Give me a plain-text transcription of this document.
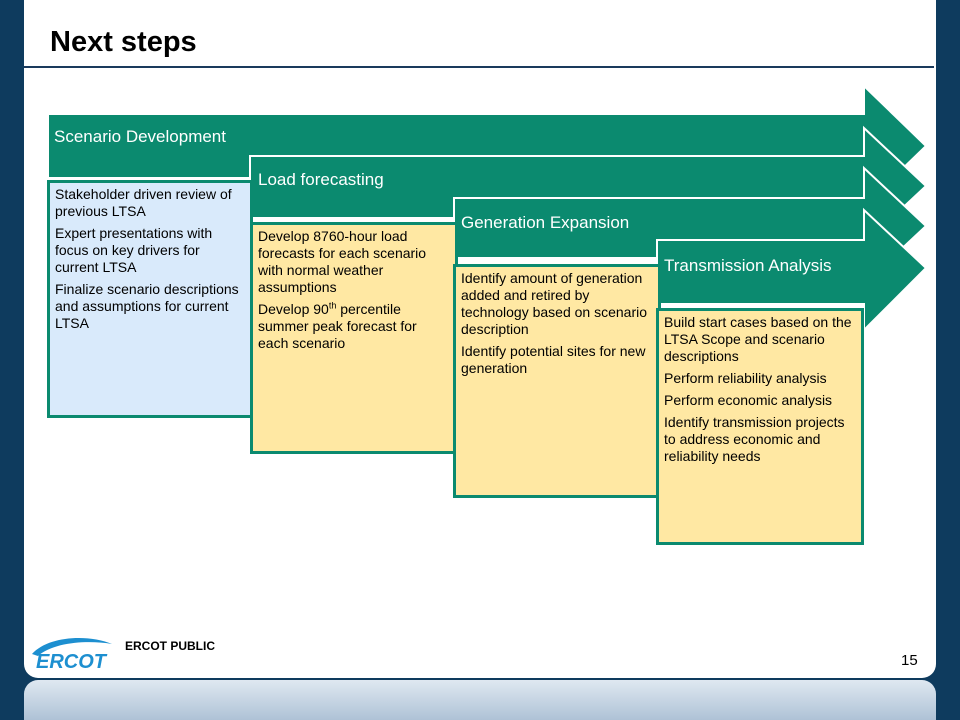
Next steps
Scenario Development
Load forecasting
Generation Expansion
Transmission Analysis

Stakeholder driven review of previous LTSA

Expert presentations with focus on key drivers for current LTSA

Finalize scenario descriptions and assumptions for current LTSA

Develop 8760-hour load forecasts for each scenario with normal weather assumptions

Develop 90th percentile summer peak forecast for each scenario

Identify amount of generation added and retired by technology based on scenario description

Identify potential sites for new generation

Build start cases based on the LTSA Scope and scenario descriptions

Perform reliability analysis

Perform economic analysis

Identify transmission projects to address economic and reliability needs

ERCOT
ERCOT PUBLIC
15
